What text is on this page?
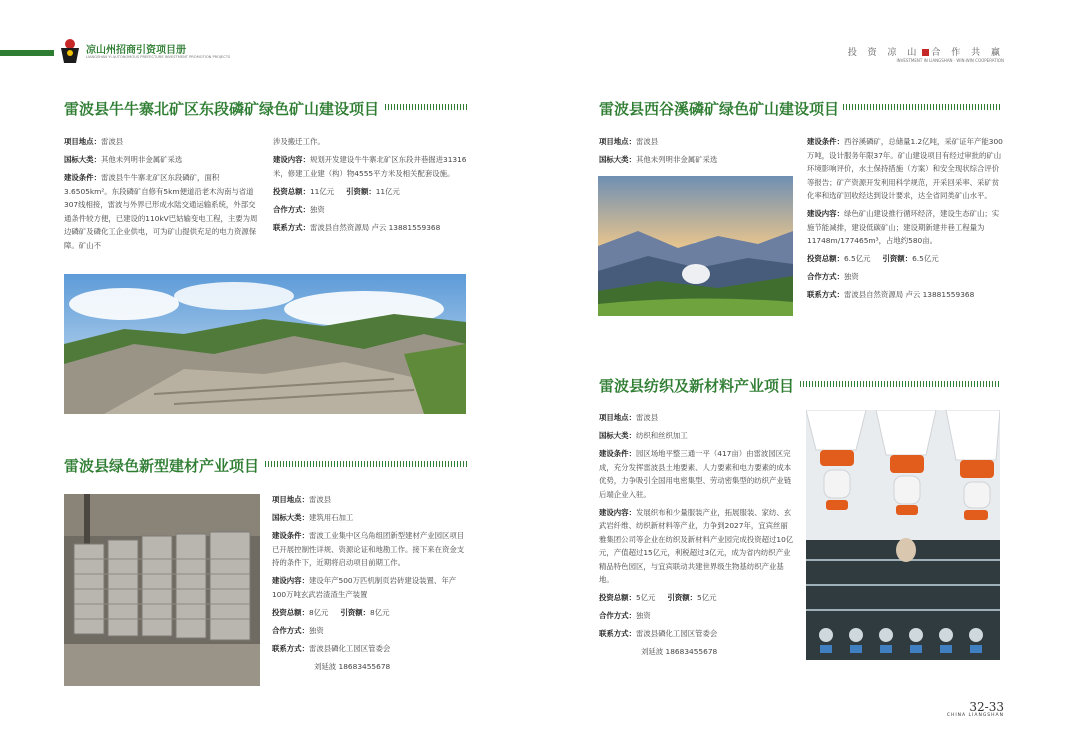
凉山州招商引资项目册
LIANGSHAN YI AUTONOMOUS PREFECTURE INVESTMENT PROMOTION PROJECTS	投 资 凉 山 合 作 共 赢
INVESTMENT IN LIANGSHAN · WIN-WIN COOPERATION
雷波县牛牛寨北矿区东段磷矿绿色矿山建设项目
项目地点：雷波县
国标大类：其他未列明非金属矿采选
建设条件：雷波县牛牛寨北矿区东段磷矿，面积3.6505km²。东段磷矿自修有5km便道沿老木沟南与省道307线相接，雷波与外界已形成水陆交通运输系统，外部交通条件较方便，已建设的110kV巴姑输变电工程，主要为周边磷矿及磷化工企业供电，可为矿山提供充足的电力资源保障。矿山不
涉及搬迁工作。
建设内容：规划开发建设牛牛寨北矿区东段井巷掘进31316米，修建工业建（构）物4555平方米及相关配套设施。
投资总额：11亿元 引资额：11亿元
合作方式：独资
联系方式：雷波县自然资源局 卢云 13881559368
雷波县绿色新型建材产业项目
项目地点：雷波县
国标大类：建筑用石加工
建设条件：雷波工业集中区乌角组团新型建材产业园区项目已开展控制性详规、资源论证和地勘工作。接下来在资金支持的条件下，近期将启动项目前期工作。
建设内容：建设年产500万匹机制页岩砖建设装置、年产100万吨玄武岩渣渣生产装置
投资总额：8亿元 引资额：8亿元
合作方式：独资
联系方式：雷波县磷化工园区管委会
刘延波 18683455678
雷波县西谷溪磷矿绿色矿山建设项目
项目地点：雷波县
国标大类：其他未列明非金属矿采选
建设条件：西谷溪磷矿，总储量1.2亿吨，采矿证年产能300万吨，设计服务年限37年。矿山建设项目有经过审批的矿山环境影响评价，水土保持措施（方案）和安全现状综合评价等报告；矿产资源开发利用科学规范，开采回采率、采矿贫化率和选矿回收经达到设计要求，达全省同类矿山水平。
建设内容：绿色矿山建设推行循环经济，建设生态矿山；实施节能减排，建设低碳矿山；建设期新建井巷工程量为11748m/177465m³，占地约580亩。
投资总额：6.5亿元 引资额：6.5亿元
合作方式：独资
联系方式：雷波县自然资源局 卢云 13881559368
雷波县纺织及新材料产业项目
项目地点：雷波县
国标大类：纺织和丝织加工
建设条件：园区场地平整三通一平（417亩）由雷波园区完成，充分发挥雷波县土地要素、人力要素和电力要素的成本优势，力争吸引全国用电密集型、劳动密集型的纺织产业链后端企业入驻。
建设内容：发展织布和少量服装产业，拓展服装、家纺、玄武岩纤维、纺织新材料等产业，力争到2027年，宜宾丝丽雅集团公司等企业在纺织及新材料产业园完成投资超过10亿元，产值超过15亿元，利税超过3亿元，成为省内纺织产业精品特色园区，与宜宾联动共建世界级生物基纺织产业基地。
投资总额：5亿元 引资额：5亿元
合作方式：独资
联系方式：雷波县磷化工园区管委会
刘延波 18683455678
32-33
CHINA LIANGSHAN
